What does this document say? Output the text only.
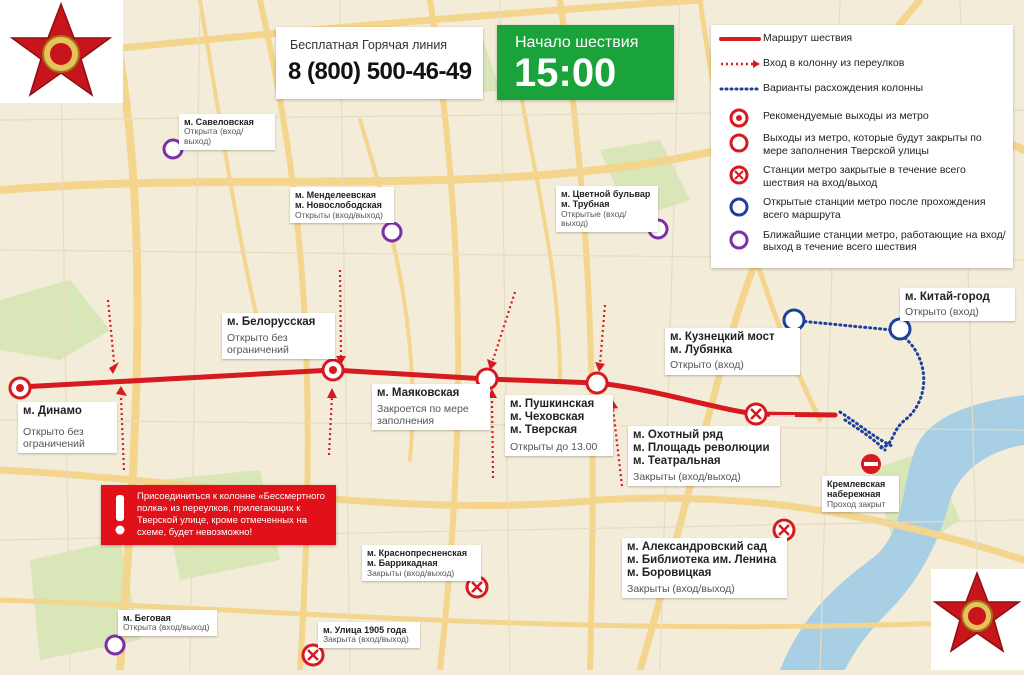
Бесплатная Горячая линия
8 (800) 500-46-49
Начало шествия
15:00
Маршрут шествия
Вход в колонну из переулков
Варианты расхождения колонны
Рекомендуемые выходы из метро
Выходы из метро, которые будут закрыты по мере заполнения Тверской улицы
Станции метро закрытые в течение всего шествия на вход/выход
Открытые станции метро после прохождения всего маршрута
Ближайшие станции метро, работающие на вход/выход в течение всего шествия
Присоединиться к колонне «Бессмертного полка» из переулков, прилегающих к Тверской улице, кроме отмеченных на схеме, будет невозможно!
м. Динамо
Открыто без ограничений
м. Белорусская
Открыто без ограничений
м. Маяковская
Закроется по мере заполнения
м. Пушкинская
м. Чеховская
м. Тверская
Открыты до 13.00
м. Охотный ряд
м. Площадь революции
м. Театральная
Закрыты (вход/выход)
м. Кузнецкий мост
м. Лубянка
Открыто (вход)
м. Китай-город
Открыто (вход)
м. Александровский сад
м. Библиотека им. Ленина
м. Боровицкая
Закрыты (вход/выход)
Кремлевская набережная
Проход закрыт
м. Савеловская
Открыта (вход/выход)
м. Менделеевская
м. Новослободская
Открыты (вход/выход)
м. Цветной бульвар
м. Трубная
Открытые (вход/выход)
м. Краснопресненская
м. Баррикадная
Закрыты (вход/выход)
м. Беговая
Открыта (вход/выход)	м. Улица 1905 года
Закрыта (вход/выход)
